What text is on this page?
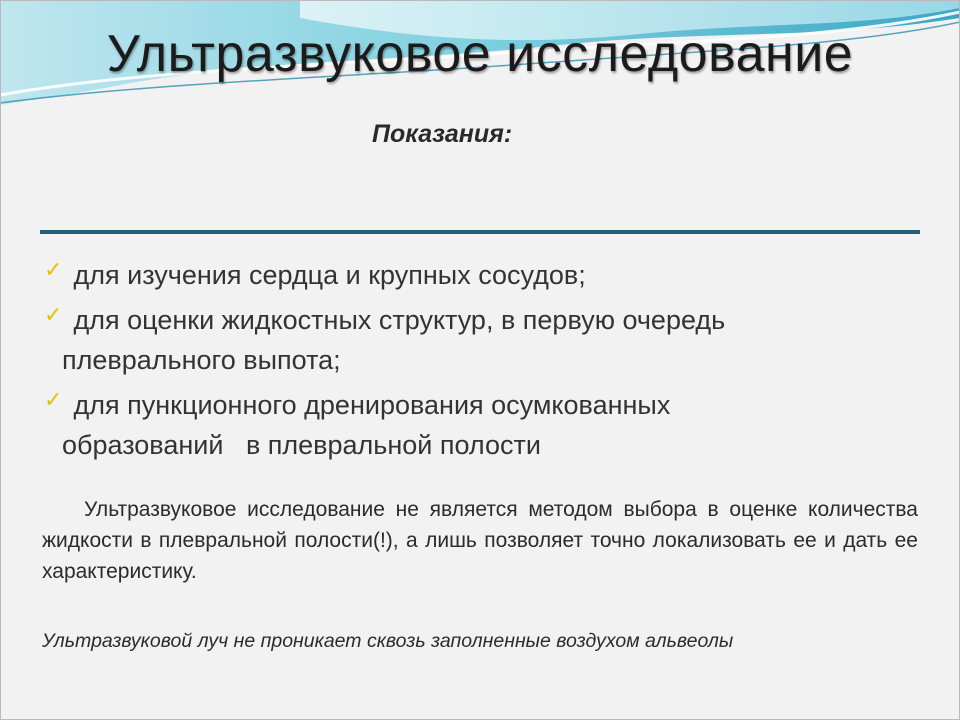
Ультразвуковое исследование
Показания:
✓ для изучения сердца и крупных сосудов;
✓ для оценки жидкостных структур, в первую очередь
плеврального выпота;
✓ для пункционного дренирования осумкованных
образований   в плевральной полости

Ультразвуковое исследование не является методом выбора в оценке количества жидкости в плевральной полости(!), а лишь позволяет точно локализовать ее и дать ее характеристику.

Ультразвуковой луч не проникает сквозь заполненные воздухом альвеолы
